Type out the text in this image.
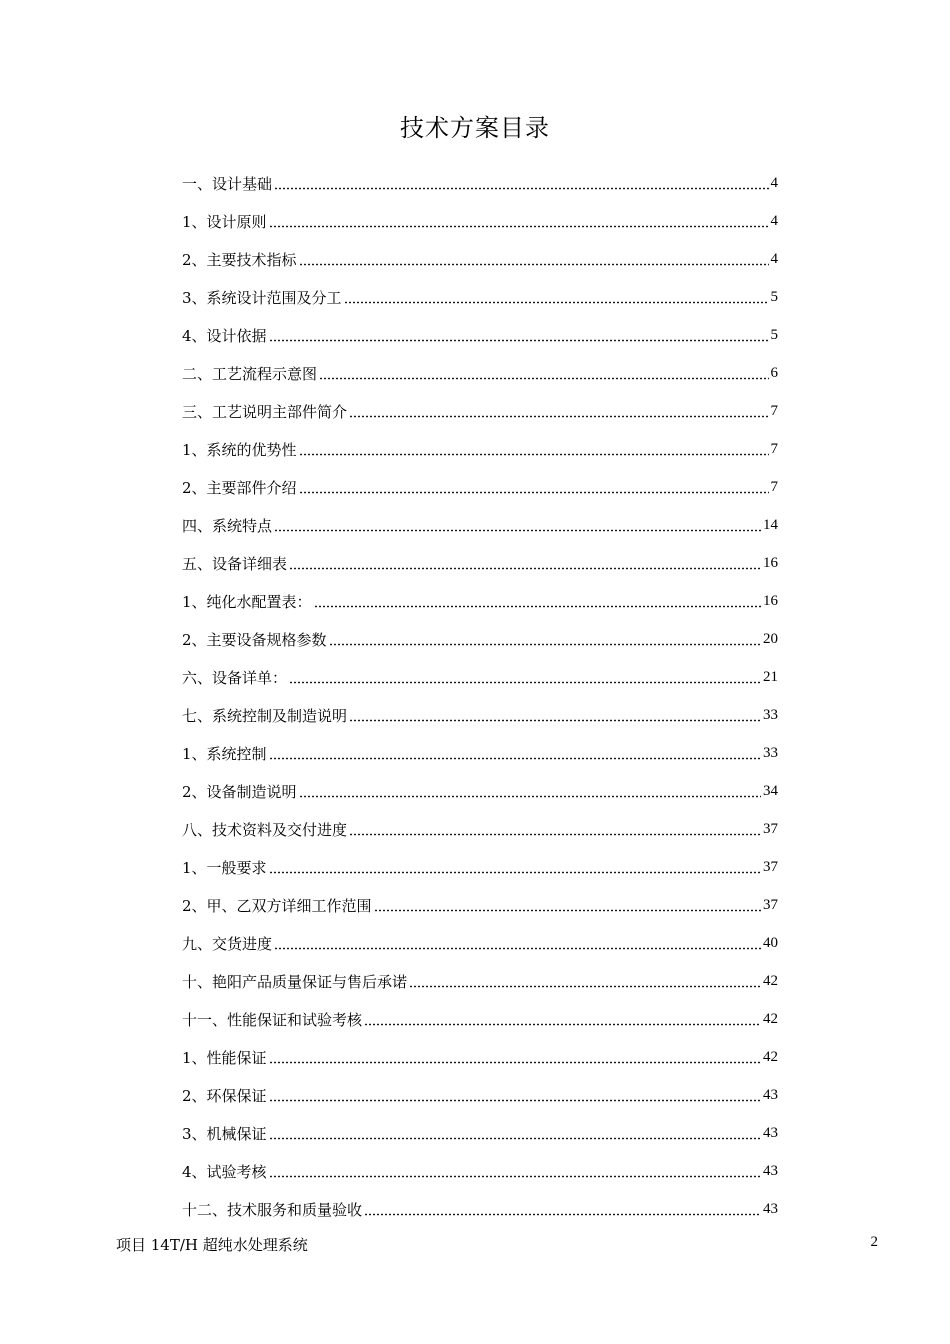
技术方案目录
一、设计基础	4
1、设计原则	4
2、主要技术指标	4
3、系统设计范围及分工	5
4、设计依据	5
二、工艺流程示意图	6
三、工艺说明主部件简介	7
1、系统的优势性	7
2、主要部件介绍	7
四、系统特点	14
五、设备详细表	16
1、纯化水配置表：	16
2、主要设备规格参数	20
六、设备详单：	21
七、系统控制及制造说明	33
1、系统控制	33
2、设备制造说明	34
八、技术资料及交付进度	37
1、一般要求	37
2、甲、乙双方详细工作范围	37
九、交货进度	40
十、艳阳产品质量保证与售后承诺	42
十一、性能保证和试验考核	42
1、性能保证	42
2、环保保证	43
3、机械保证	43
4、试验考核	43
十二、技术服务和质量验收	43
项目 14T/H 超纯水处理系统	2
